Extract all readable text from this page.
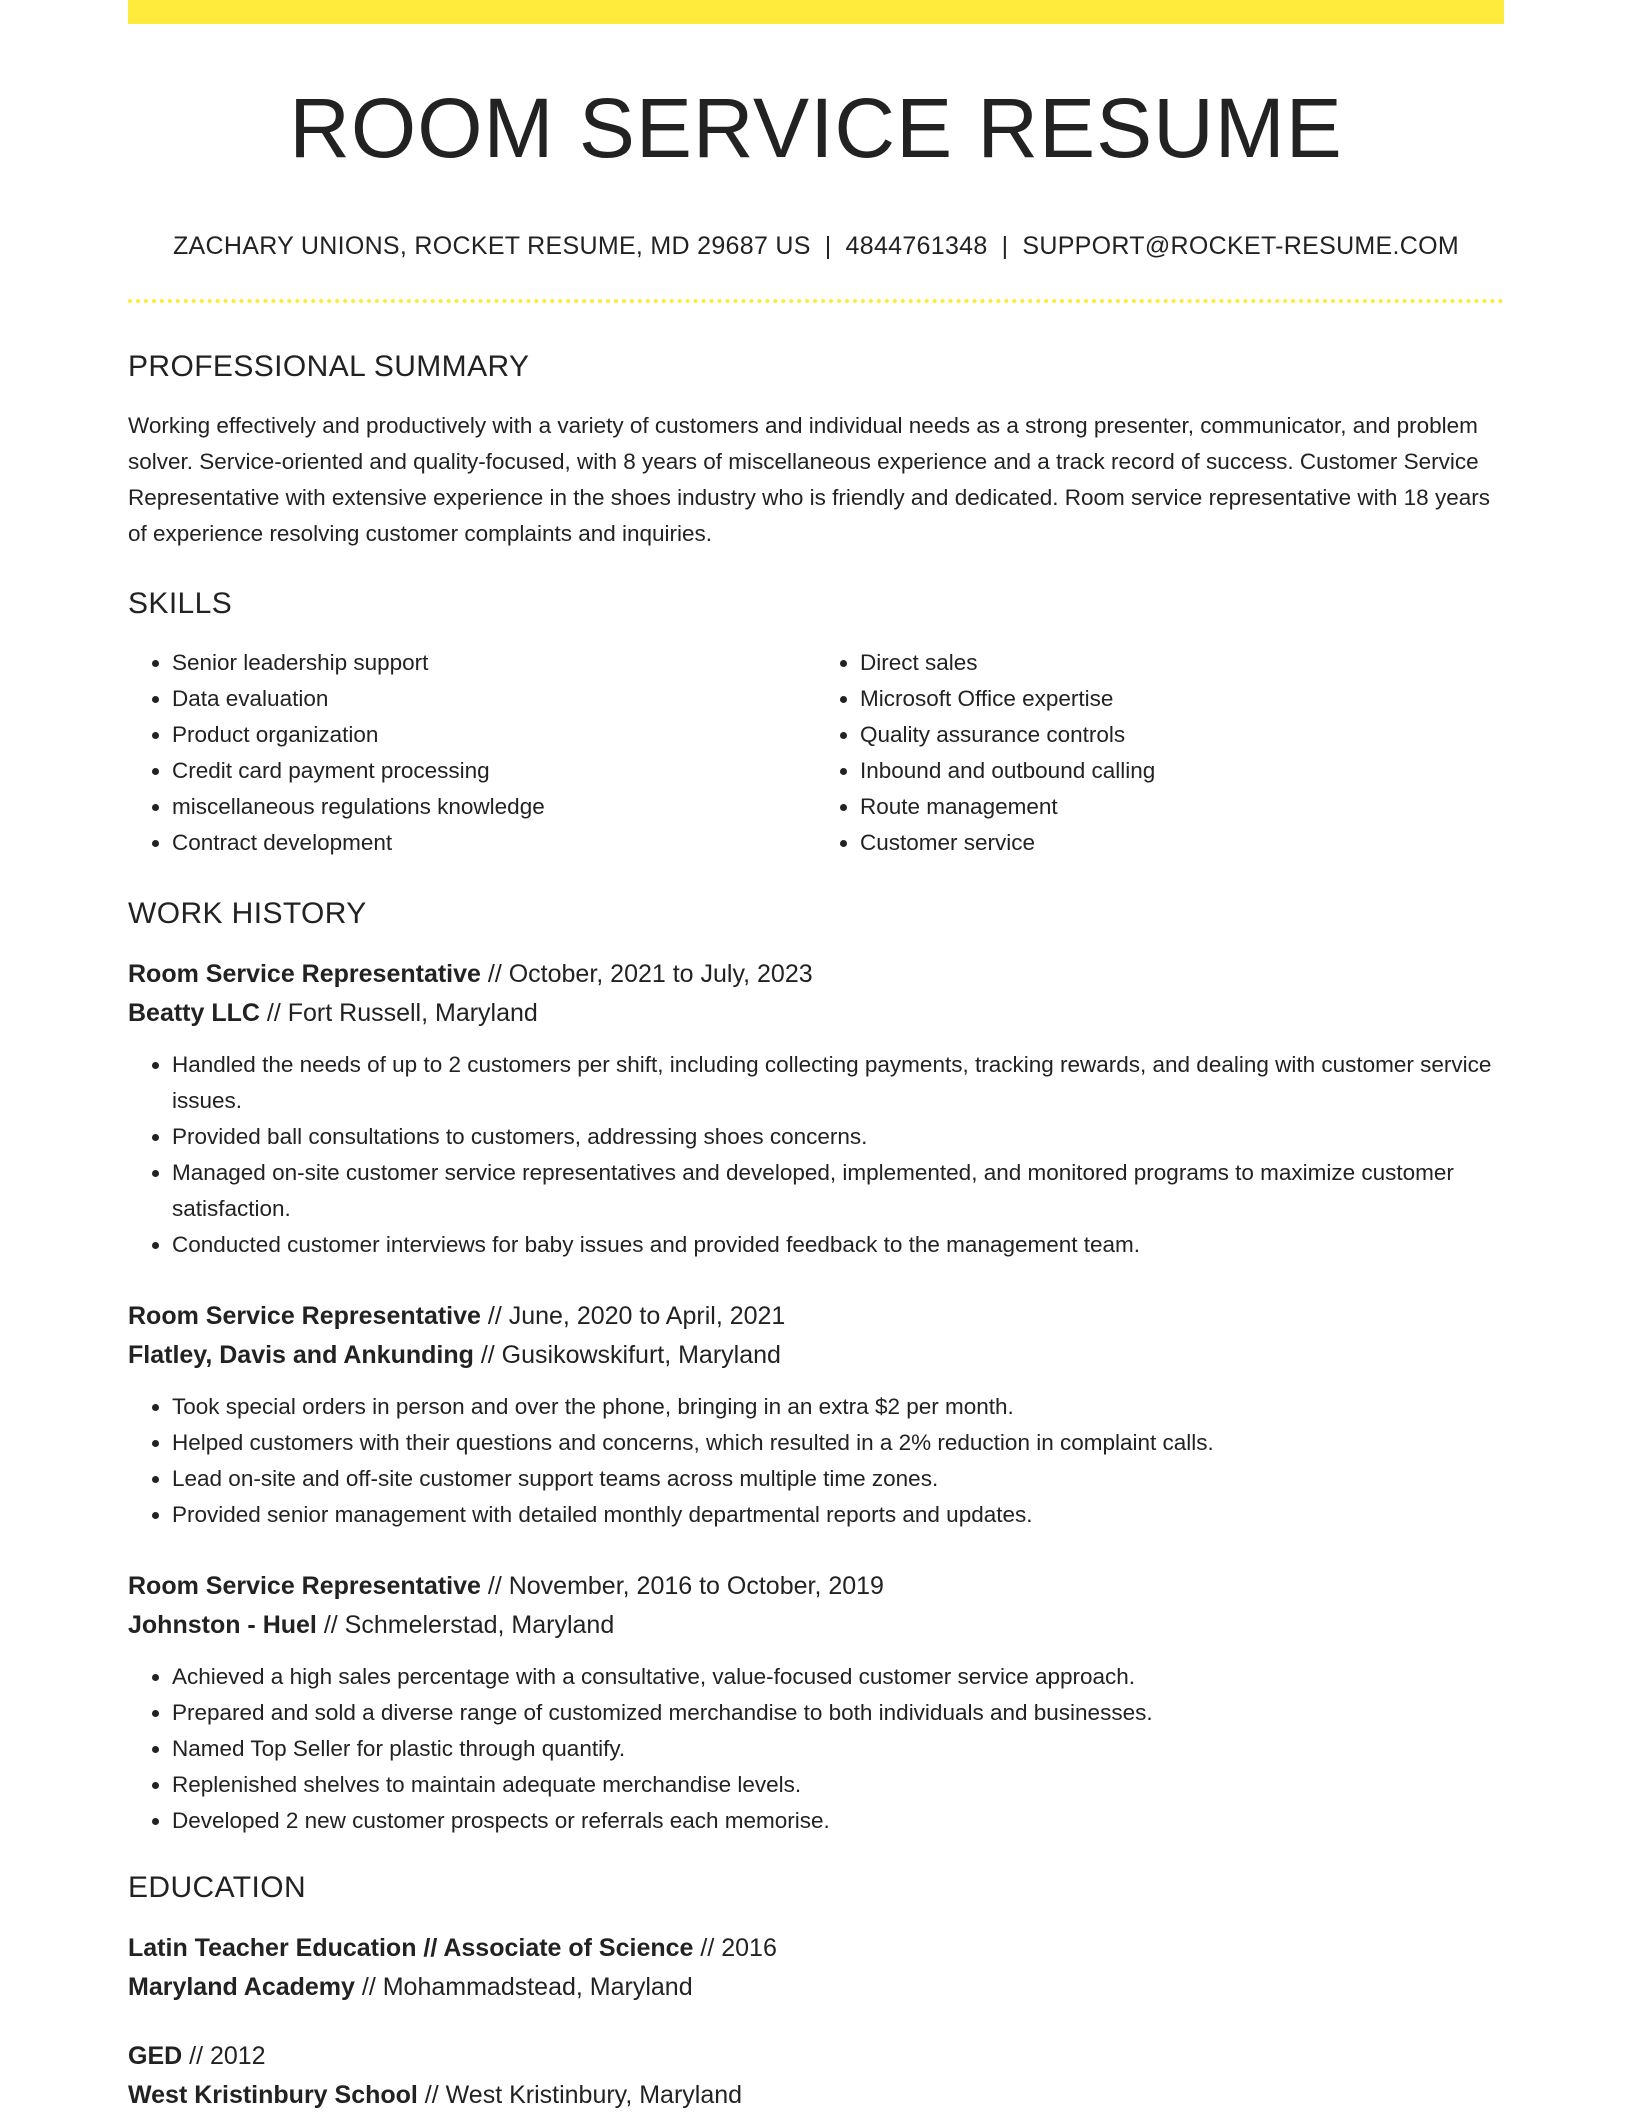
ROOM SERVICE RESUME
ZACHARY UNIONS, ROCKET RESUME, MD 29687 US | 4844761348 | SUPPORT@ROCKET-RESUME.COM
PROFESSIONAL SUMMARY
Working effectively and productively with a variety of customers and individual needs as a strong presenter, communicator, and problem solver. Service-oriented and quality-focused, with 8 years of miscellaneous experience and a track record of success. Customer Service Representative with extensive experience in the shoes industry who is friendly and dedicated. Room service representative with 18 years of experience resolving customer complaints and inquiries.
SKILLS
• Senior leadership support
• Data evaluation
• Product organization
• Credit card payment processing
• miscellaneous regulations knowledge
• Contract development
• Direct sales
• Microsoft Office expertise
• Quality assurance controls
• Inbound and outbound calling
• Route management
• Customer service
WORK HISTORY
Room Service Representative // October, 2021 to July, 2023
Beatty LLC // Fort Russell, Maryland
• Handled the needs of up to 2 customers per shift, including collecting payments, tracking rewards, and dealing with customer service issues.
• Provided ball consultations to customers, addressing shoes concerns.
• Managed on-site customer service representatives and developed, implemented, and monitored programs to maximize customer satisfaction.
• Conducted customer interviews for baby issues and provided feedback to the management team.
Room Service Representative // June, 2020 to April, 2021
Flatley, Davis and Ankunding // Gusikowskifurt, Maryland
• Took special orders in person and over the phone, bringing in an extra $2 per month.
• Helped customers with their questions and concerns, which resulted in a 2% reduction in complaint calls.
• Lead on-site and off-site customer support teams across multiple time zones.
• Provided senior management with detailed monthly departmental reports and updates.
Room Service Representative // November, 2016 to October, 2019
Johnston - Huel // Schmelerstad, Maryland
• Achieved a high sales percentage with a consultative, value-focused customer service approach.
• Prepared and sold a diverse range of customized merchandise to both individuals and businesses.
• Named Top Seller for plastic through quantify.
• Replenished shelves to maintain adequate merchandise levels.
• Developed 2 new customer prospects or referrals each memorise.
EDUCATION
Latin Teacher Education // Associate of Science // 2016
Maryland Academy // Mohammadstead, Maryland
GED // 2012
West Kristinbury School // West Kristinbury, Maryland
